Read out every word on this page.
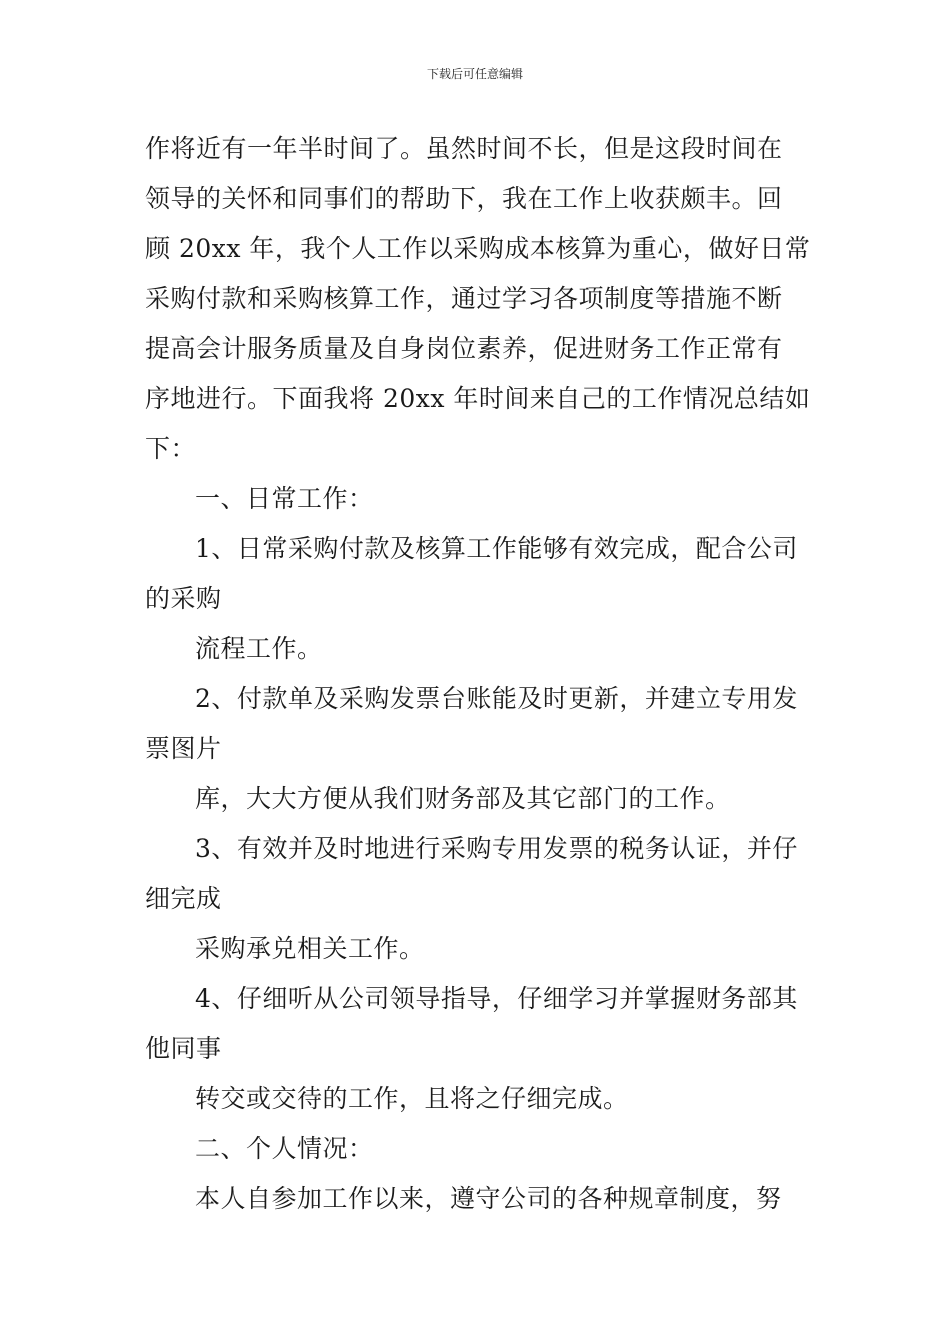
下载后可任意编辑
作将近有一年半时间了。虽然时间不长，但是这段时间在
领导的关怀和同事们的帮助下，我在工作上收获颇丰。回
顾 20xx 年，我个人工作以采购成本核算为重心，做好日常
采购付款和采购核算工作，通过学习各项制度等措施不断
提高会计服务质量及自身岗位素养，促进财务工作正常有
序地进行。下面我将 20xx 年时间来自己的工作情况总结如
下：
一、日常工作：
1、日常采购付款及核算工作能够有效完成，配合公司
的采购
流程工作。
2、付款单及采购发票台账能及时更新，并建立专用发
票图片
库，大大方便从我们财务部及其它部门的工作。
3、有效并及时地进行采购专用发票的税务认证，并仔
细完成
采购承兑相关工作。
4、仔细听从公司领导指导，仔细学习并掌握财务部其
他同事
转交或交待的工作，且将之仔细完成。
二、个人情况：
本人自参加工作以来，遵守公司的各种规章制度，努
